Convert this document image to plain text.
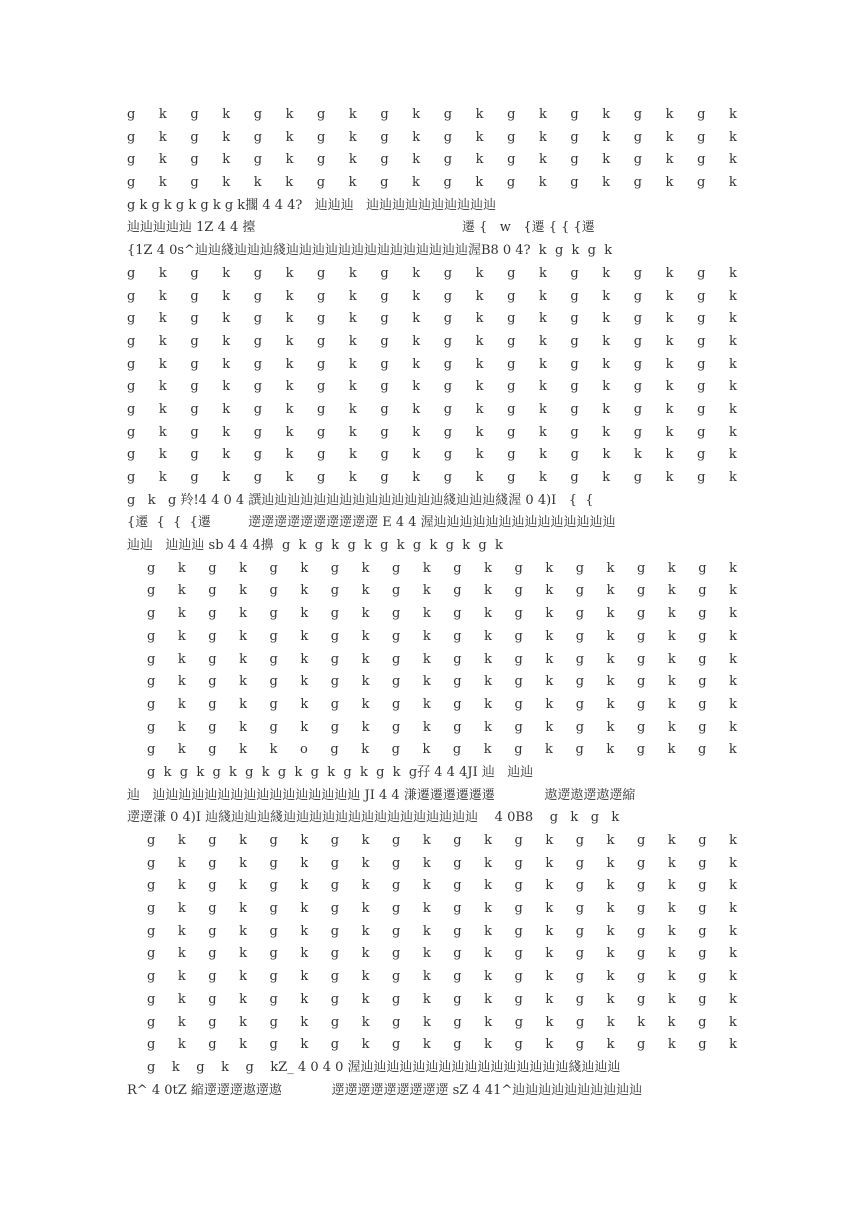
g k g k g k g k g k g k g k g k g k g k
g k g k g k g k g k g k g k g k g k g k
g k g k g k g k g k g k g k g k g k g k
g k g k k k g k g k g k g k g k g k g k
g k g k g k g k g k擱 4 4 4?   辿辿辿   辿辿辿辿辿辿辿辿辿辿
辿辿辿辿辿 1Z 4 4 擡                                                  遷 {   w   {遷 { { {遷
{1Z 4 0s^辿辿綫辿辿辿綫辿辿辿辿辿辿辿辿辿辿辿辿辿辿渥B8 0 4?  k  g  k  g  k
g k g k g k g k g k g k g k g k g k g k
g k g k g k g k g k g k g k g k g k g k
g k g k g k g k g k g k g k g k g k g k
g k g k g k g k g k g k g k g k g k g k
g k g k g k g k g k g k g k g k g k g k
g k g k g k g k g k g k g k g k g k g k
g k g k g k g k g k g k g k g k g k g k
g k g k g k g k g k g k g k g k g k g k
g k g k g k g k g k g k g k g k k k g k
g k g k g k g k g k g k g k g k g k g k
g   k   g 羚!4 4 0 4 譔辿辿辿辿辿辿辿辿辿辿辿辿辿辿綫辿辿辿綫渥 0 4)I   {  {
{遷  {  {  {遷         遻遻遻遻遻遻遻遻遻遻 E 4 4 渥辿辿辿辿辿辿辿辿辿辿辿辿辿辿
辿辿   辿辿辿 sb 4 4 4擤  g  k  g  k  g  k  g  k  g  k  g  k  g  k
g k g k g k g k g k g k g k g k g k g k
g k g k g k g k g k g k g k g k g k g k
g k g k g k g k g k g k g k g k g k g k
g k g k g k g k g k g k g k g k g k g k
g k g k g k g k g k g k g k g k g k g k
g k g k g k g k g k g k g k g k g k g k
g k g k g k g k g k g k g k g k g k g k
g k g k g k g k g k g k g k g k g k g k
g k g k k o g k g k g k g k g k g k g k
g  k  g  k  g  k  g  k  g  k  g  k  g  k  g  k  g孖 4 4 4JI 辿   辿辿
辿   辿辿辿辿辿辿辿辿辿辿辿辿辿辿辿辿 JI 4 4 溓遷遷遷遷遷遷            遨遻遨遻遨遻縮
遻遻溓 0 4)I 辿綫辿辿辿綫辿辿辿辿辿辿辿辿辿辿辿辿辿辿辿    4 0B8    g   k   g   k
g k g k g k g k g k g k g k g k g k g k
g k g k g k g k g k g k g k g k g k g k
g k g k g k g k g k g k g k g k g k g k
g k g k g k g k g k g k g k g k g k g k
g k g k g k g k g k g k g k g k g k g k
g k g k g k g k g k g k g k g k g k g k
g k g k g k g k g k g k g k g k g k g k
g k g k g k g k g k g k g k g k g k g k
g k g k g k g k g k g k g k g k k k g k
g k g k g k g k g k g k g k g k g k g k
g    k    g    k    g    kZ_ 4 0 4 0 渥辿辿辿辿辿辿辿辿辿辿辿辿辿辿辿辿綫辿辿辿
R^ 4 0tZ 縮遻遻遻遨遻遨            遻遻遻遻遻遻遻遻遻 sZ 4 41^辿辿辿辿辿辿辿辿辿辿
